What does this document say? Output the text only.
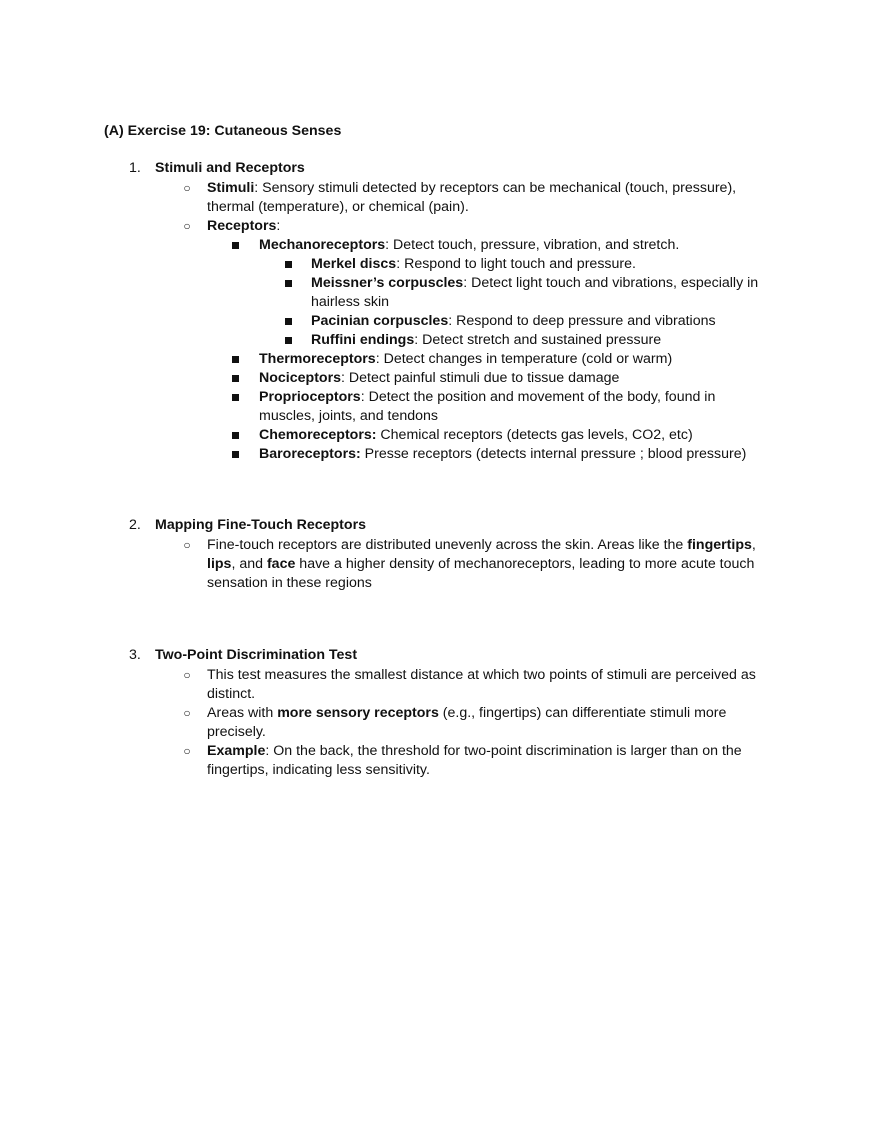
(A) Exercise 19: Cutaneous Senses
1. Stimuli and Receptors
○ Stimuli: Sensory stimuli detected by receptors can be mechanical (touch, pressure), thermal (temperature), or chemical (pain).
○ Receptors:
Mechanoreceptors: Detect touch, pressure, vibration, and stretch.
Merkel discs: Respond to light touch and pressure.
Meissner’s corpuscles: Detect light touch and vibrations, especially in hairless skin
Pacinian corpuscles: Respond to deep pressure and vibrations
Ruffini endings: Detect stretch and sustained pressure
Thermoreceptors: Detect changes in temperature (cold or warm)
Nociceptors: Detect painful stimuli due to tissue damage
Proprioceptors: Detect the position and movement of the body, found in muscles, joints, and tendons
Chemoreceptors: Chemical receptors (detects gas levels, CO2, etc)
Baroreceptors: Presse receptors (detects internal pressure ; blood pressure)
2. Mapping Fine-Touch Receptors
○ Fine-touch receptors are distributed unevenly across the skin. Areas like the fingertips, lips, and face have a higher density of mechanoreceptors, leading to more acute touch sensation in these regions
3. Two-Point Discrimination Test
○ This test measures the smallest distance at which two points of stimuli are perceived as distinct.
○ Areas with more sensory receptors (e.g., fingertips) can differentiate stimuli more precisely.
○ Example: On the back, the threshold for two-point discrimination is larger than on the fingertips, indicating less sensitivity.
